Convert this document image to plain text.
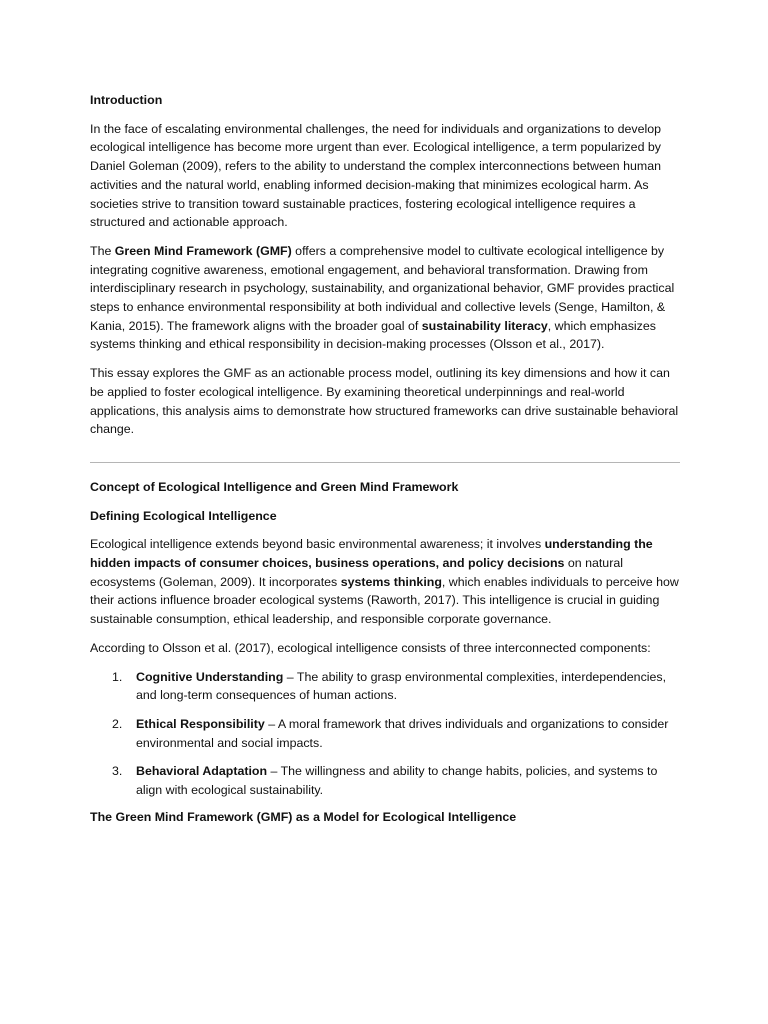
Introduction

In the face of escalating environmental challenges, the need for individuals and organizations to develop ecological intelligence has become more urgent than ever. Ecological intelligence, a term popularized by Daniel Goleman (2009), refers to the ability to understand the complex interconnections between human activities and the natural world, enabling informed decision-making that minimizes ecological harm. As societies strive to transition toward sustainable practices, fostering ecological intelligence requires a structured and actionable approach.

The Green Mind Framework (GMF) offers a comprehensive model to cultivate ecological intelligence by integrating cognitive awareness, emotional engagement, and behavioral transformation. Drawing from interdisciplinary research in psychology, sustainability, and organizational behavior, GMF provides practical steps to enhance environmental responsibility at both individual and collective levels (Senge, Hamilton, & Kania, 2015). The framework aligns with the broader goal of sustainability literacy, which emphasizes systems thinking and ethical responsibility in decision-making processes (Olsson et al., 2017).

This essay explores the GMF as an actionable process model, outlining its key dimensions and how it can be applied to foster ecological intelligence. By examining theoretical underpinnings and real-world applications, this analysis aims to demonstrate how structured frameworks can drive sustainable behavioral change.

Concept of Ecological Intelligence and Green Mind Framework
Defining Ecological Intelligence

Ecological intelligence extends beyond basic environmental awareness; it involves understanding the hidden impacts of consumer choices, business operations, and policy decisions on natural ecosystems (Goleman, 2009). It incorporates systems thinking, which enables individuals to perceive how their actions influence broader ecological systems (Raworth, 2017). This intelligence is crucial in guiding sustainable consumption, ethical leadership, and responsible corporate governance.

According to Olsson et al. (2017), ecological intelligence consists of three interconnected components:

1. Cognitive Understanding – The ability to grasp environmental complexities, interdependencies, and long-term consequences of human actions.
2. Ethical Responsibility – A moral framework that drives individuals and organizations to consider environmental and social impacts.
3. Behavioral Adaptation – The willingness and ability to change habits, policies, and systems to align with ecological sustainability.
The Green Mind Framework (GMF) as a Model for Ecological Intelligence
